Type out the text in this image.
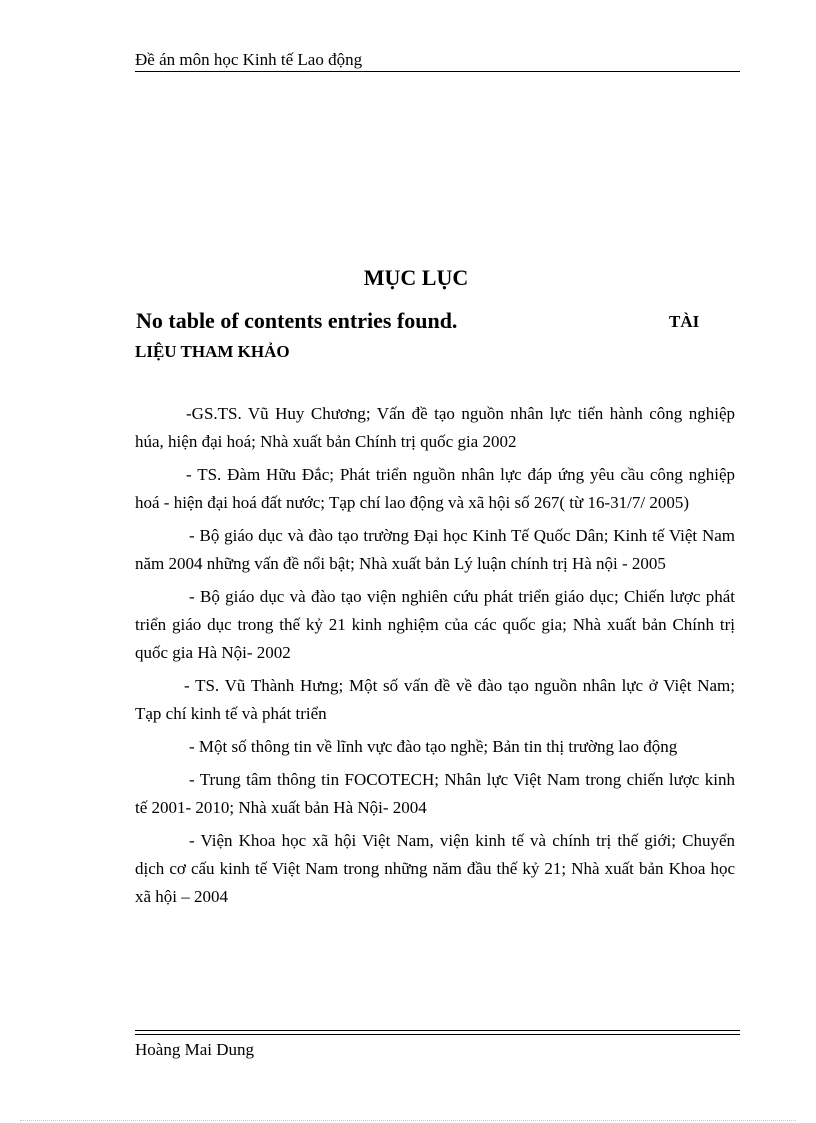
Đề án môn học Kinh tế Lao động
MỤC LỤC
No table of contents entries found.	TÀI
LIỆU THAM KHẢO

-GS.TS. Vũ Huy Chương; Vấn đề tạo nguồn nhân lực tiến hành công nghiệp húa, hiện đại hoá; Nhà xuất bản Chính trị quốc gia 2002

- TS. Đàm Hữu Đắc; Phát triển nguồn nhân lực đáp ứng yêu cầu công nghiệp hoá - hiện đại hoá đất nước; Tạp chí lao động và xã hội số 267( từ 16-31/7/ 2005)

- Bộ giáo dục và đào tạo trường Đại học Kinh Tế Quốc Dân; Kinh tế Việt Nam năm 2004 những vấn đề nổi bật; Nhà xuất bản Lý luận chính trị Hà nội - 2005

- Bộ giáo dục và đào tạo viện nghiên cứu phát triển giáo dục; Chiến lược phát triển giáo dục trong thế kỷ 21 kinh nghiệm của các quốc gia; Nhà xuất bản Chính trị quốc gia Hà Nội- 2002

- TS. Vũ Thành Hưng; Một số vấn đề về đào tạo nguồn nhân lực ở Việt Nam; Tạp chí kinh tế và phát triển

- Một số thông tin về lĩnh vực đào tạo nghề; Bản tin thị trường lao động

- Trung tâm thông tin FOCOTECH; Nhân lực Việt Nam trong chiến lược kinh tế 2001- 2010; Nhà xuất bản Hà Nội- 2004

- Viện Khoa học xã hội Việt Nam, viện kinh tế và chính trị thế giới; Chuyển dịch cơ cấu kinh tế Việt Nam trong những năm đầu thế kỷ 21; Nhà xuất bản Khoa học xã hội – 2004

Hoàng Mai Dung
